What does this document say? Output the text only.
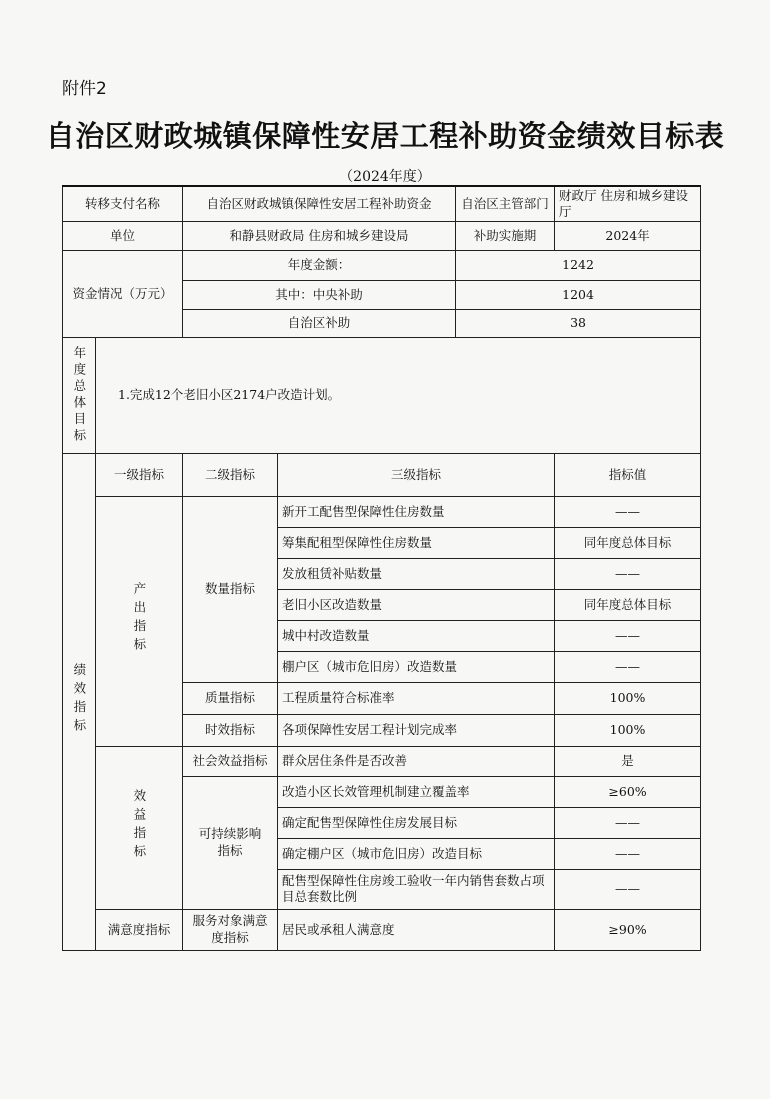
附件2
自治区财政城镇保障性安居工程补助资金绩效目标表
（2024年度）
转移支付名称		自治区财政城镇保障性安居工程补助资金		自治区主管部门	财政厅 住房和城乡建设厅
单位		和静县财政局 住房和城乡建设局		补助实施期	2024年
资金情况（万元）		年度金额：		1242	
		其中：中央补助		1204	
		自治区补助		38	
年度总体目标	1.完成12个老旧小区2174户改造计划。				
绩效指标	一级指标	二级指标	三级指标		指标值
	产出指标	数量指标	新开工配售型保障性住房数量		——
			筹集配租型保障性住房数量		同年度总体目标
			发放租赁补贴数量		——
			老旧小区改造数量		同年度总体目标
			城中村改造数量		——
			棚户区（城市危旧房）改造数量		——
		质量指标	工程质量符合标准率		100%
		时效指标	各项保障性安居工程计划完成率		100%
	效益指标	社会效益指标	群众居住条件是否改善		是
		可持续影响指标	改造小区长效管理机制建立覆盖率		≥60%
			确定配售型保障性住房发展目标		——
			确定棚户区（城市危旧房）改造目标		——
			配售型保障性住房竣工验收一年内销售套数占项目总套数比例		——
	满意度指标	服务对象满意度指标	居民或承租人满意度		≥90%
